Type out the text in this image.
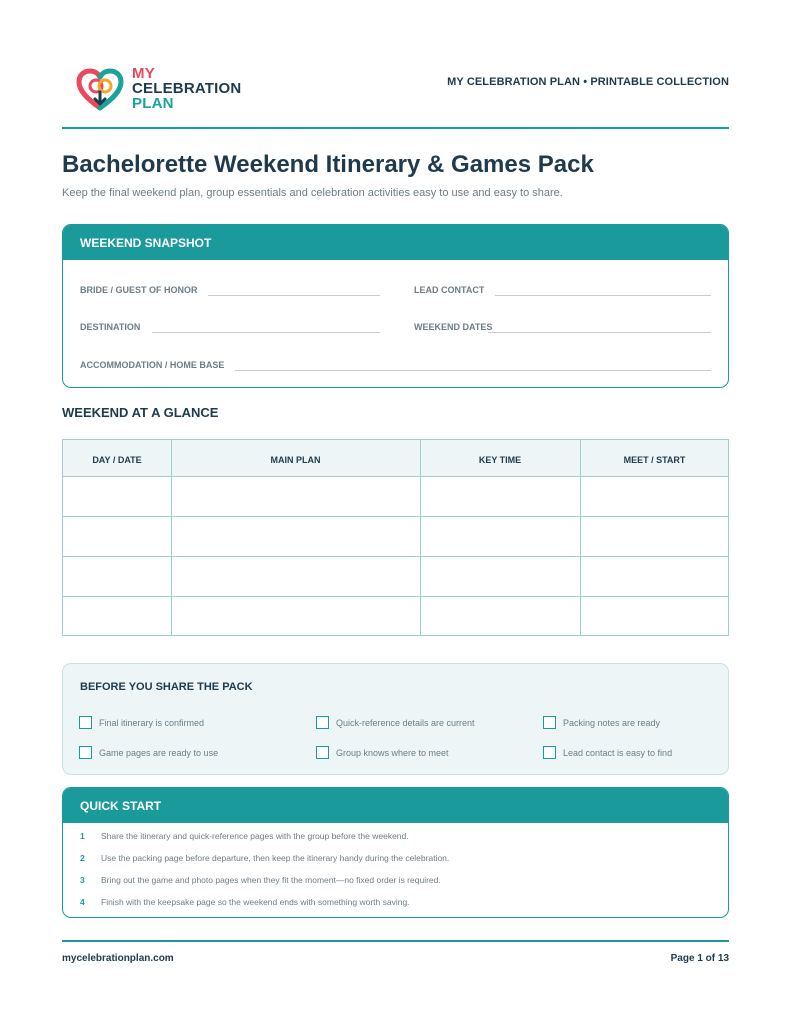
MY
CELEBRATION
PLAN
MY CELEBRATION PLAN • PRINTABLE COLLECTION
Bachelorette Weekend Itinerary & Games Pack
Keep the final weekend plan, group essentials and celebration activities easy to use and easy to share.
WEEKEND SNAPSHOT
BRIDE / GUEST OF HONOR	LEAD CONTACT
DESTINATION	WEEKEND DATES
ACCOMMODATION / HOME BASE
WEEKEND AT A GLANCE
DAY / DATE	MAIN PLAN	KEY TIME	MEET / START
BEFORE YOU SHARE THE PACK
Final itinerary is confirmed	Quick-reference details are current	Packing notes are ready
Game pages are ready to use	Group knows where to meet	Lead contact is easy to find
QUICK START
1	Share the itinerary and quick-reference pages with the group before the weekend.
2	Use the packing page before departure, then keep the itinerary handy during the celebration.
3	Bring out the game and photo pages when they fit the moment—no fixed order is required.
4	Finish with the keepsake page so the weekend ends with something worth saving.
mycelebrationplan.com	Page 1 of 13
